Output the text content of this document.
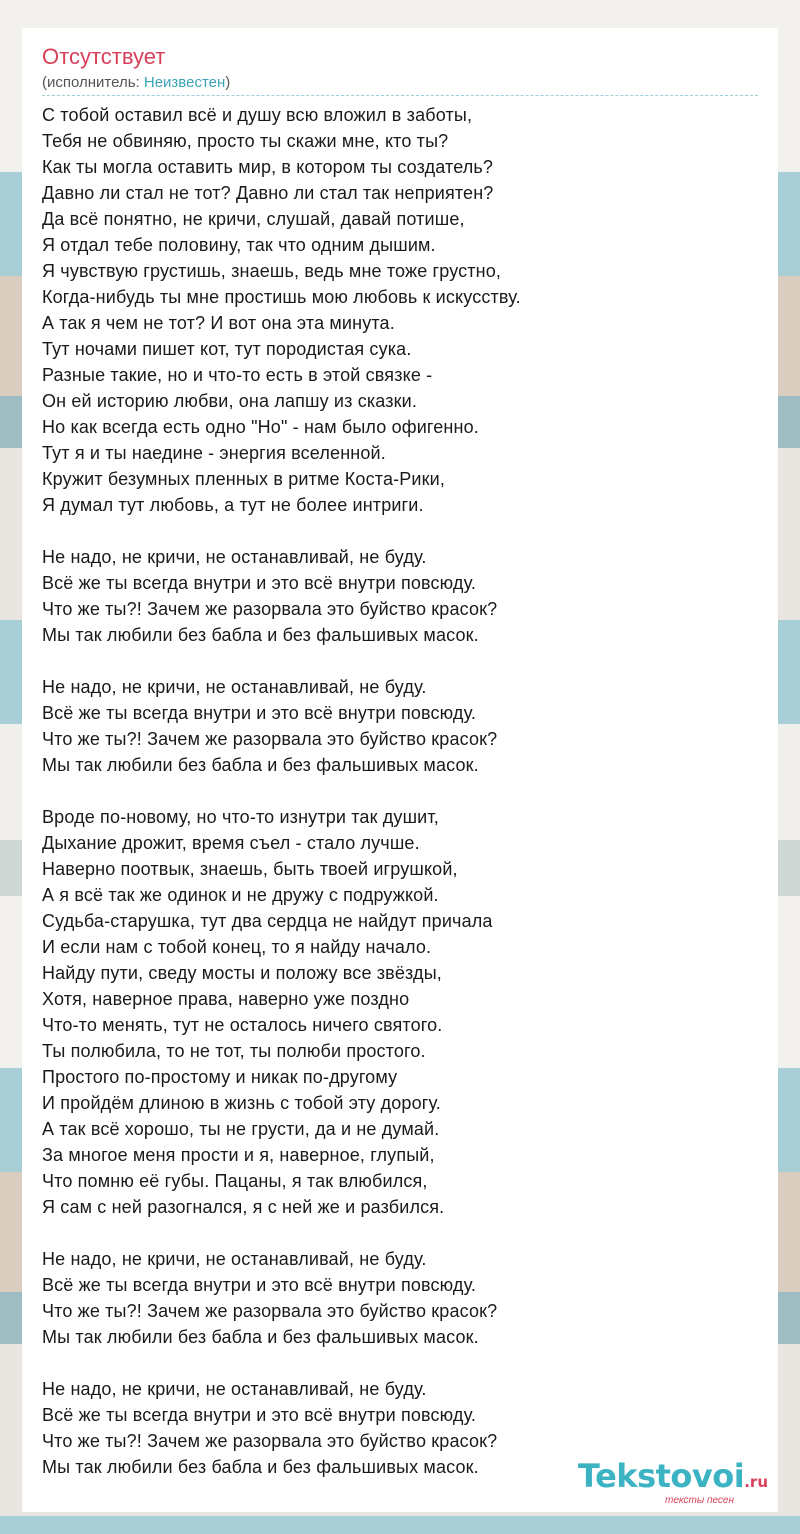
Отсутствует
(исполнитель: Неизвестен)
С тобой оставил всё и душу всю вложил в заботы,
Тебя не обвиняю, просто ты скажи мне, кто ты?
Как ты могла оставить мир, в котором ты создатель?
Давно ли стал не тот? Давно ли стал так неприятен?
Да всё понятно, не кричи, слушай, давай потише,
Я отдал тебе половину, так что одним дышим.
Я чувствую грустишь, знаешь, ведь мне тоже грустно,
Когда-нибудь ты мне простишь мою любовь к искусству.
А так я чем не тот? И вот она эта минута.
Тут ночами пишет кот, тут породистая сука.
Разные такие, но и что-то есть в этой связке -
Он ей историю любви, она лапшу из сказки.
Но как всегда есть одно "Но" - нам было офигенно.
Тут я и ты наедине - энергия вселенной.
Кружит безумных пленных в ритме Коста-Рики,
Я думал тут любовь, а тут не более интриги.
Не надо, не кричи, не останавливай, не буду.
Всё же ты всегда внутри и это всё внутри повсюду.
Что же ты?! Зачем же разорвала это буйство красок?
Мы так любили без бабла и без фальшивых масок.
Не надо, не кричи, не останавливай, не буду.
Всё же ты всегда внутри и это всё внутри повсюду.
Что же ты?! Зачем же разорвала это буйство красок?
Мы так любили без бабла и без фальшивых масок.
Вроде по-новому, но что-то изнутри так душит,
Дыхание дрожит, время съел - стало лучше.
Наверно поотвык, знаешь, быть твоей игрушкой,
А я всё так же одинок и не дружу с подружкой.
Судьба-старушка, тут два сердца не найдут причала
И если нам с тобой конец, то я найду начало.
Найду пути, сведу мосты и положу все звёзды,
Хотя, наверное права, наверно уже поздно
Что-то менять, тут не осталось ничего святого.
Ты полюбила, то не тот, ты полюби простого.
Простого по-простому и никак по-другому
И пройдём длиною в жизнь с тобой эту дорогу.
А так всё хорошо, ты не грусти, да и не думай.
За многое меня прости и я, наверное, глупый,
Что помню её губы. Пацаны, я так влюбился,
Я сам с ней разогнался, я с ней же и разбился.
Не надо, не кричи, не останавливай, не буду.
Всё же ты всегда внутри и это всё внутри повсюду.
Что же ты?! Зачем же разорвала это буйство красок?
Мы так любили без бабла и без фальшивых масок.
Не надо, не кричи, не останавливай, не буду.
Всё же ты всегда внутри и это всё внутри повсюду.
Что же ты?! Зачем же разорвала это буйство красок?
Мы так любили без бабла и без фальшивых масок.	Tekstovoi.ru
тексты песен
